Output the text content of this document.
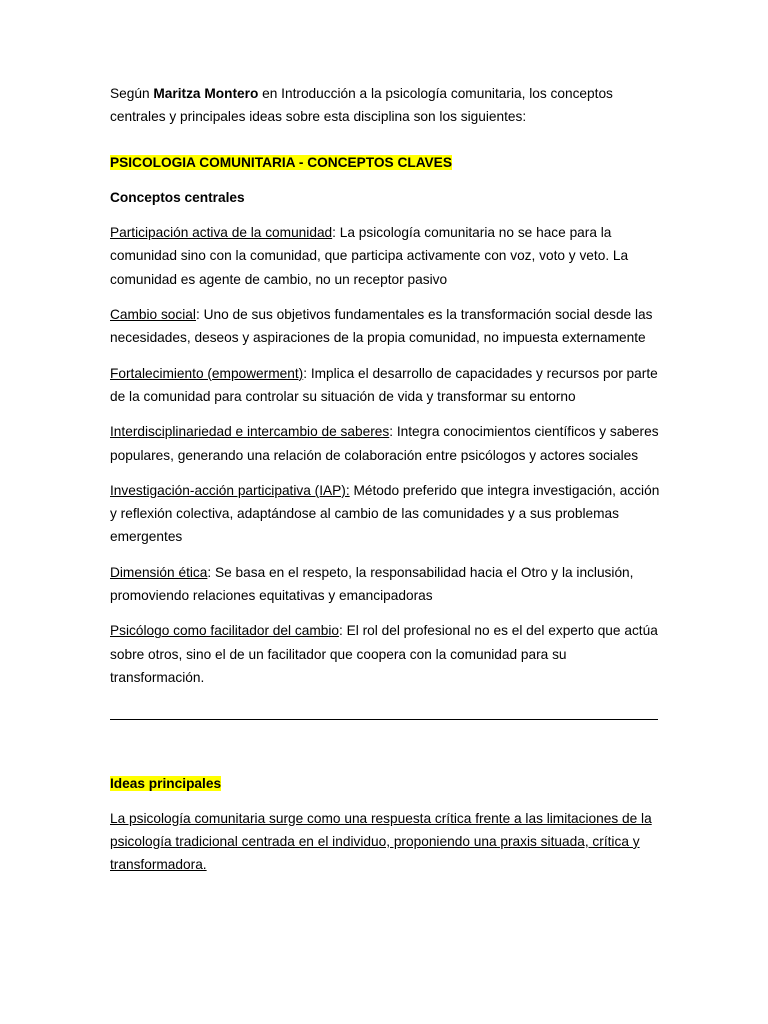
Según Maritza Montero en Introducción a la psicología comunitaria, los conceptos centrales y principales ideas sobre esta disciplina son los siguientes:

PSICOLOGIA COMUNITARIA - CONCEPTOS CLAVES

Conceptos centrales

Participación activa de la comunidad: La psicología comunitaria no se hace para la comunidad sino con la comunidad, que participa activamente con voz, voto y veto. La comunidad es agente de cambio, no un receptor pasivo

Cambio social: Uno de sus objetivos fundamentales es la transformación social desde las necesidades, deseos y aspiraciones de la propia comunidad, no impuesta externamente

Fortalecimiento (empowerment): Implica el desarrollo de capacidades y recursos por parte de la comunidad para controlar su situación de vida y transformar su entorno

Interdisciplinariedad e intercambio de saberes: Integra conocimientos científicos y saberes populares, generando una relación de colaboración entre psicólogos y actores sociales

Investigación-acción participativa (IAP): Método preferido que integra investigación, acción y reflexión colectiva, adaptándose al cambio de las comunidades y a sus problemas emergentes

Dimensión ética: Se basa en el respeto, la responsabilidad hacia el Otro y la inclusión, promoviendo relaciones equitativas y emancipadoras

Psicólogo como facilitador del cambio: El rol del profesional no es el del experto que actúa sobre otros, sino el de un facilitador que coopera con la comunidad para su transformación.

Ideas principales

La psicología comunitaria surge como una respuesta crítica frente a las limitaciones de la psicología tradicional centrada en el individuo, proponiendo una praxis situada, crítica y transformadora.
